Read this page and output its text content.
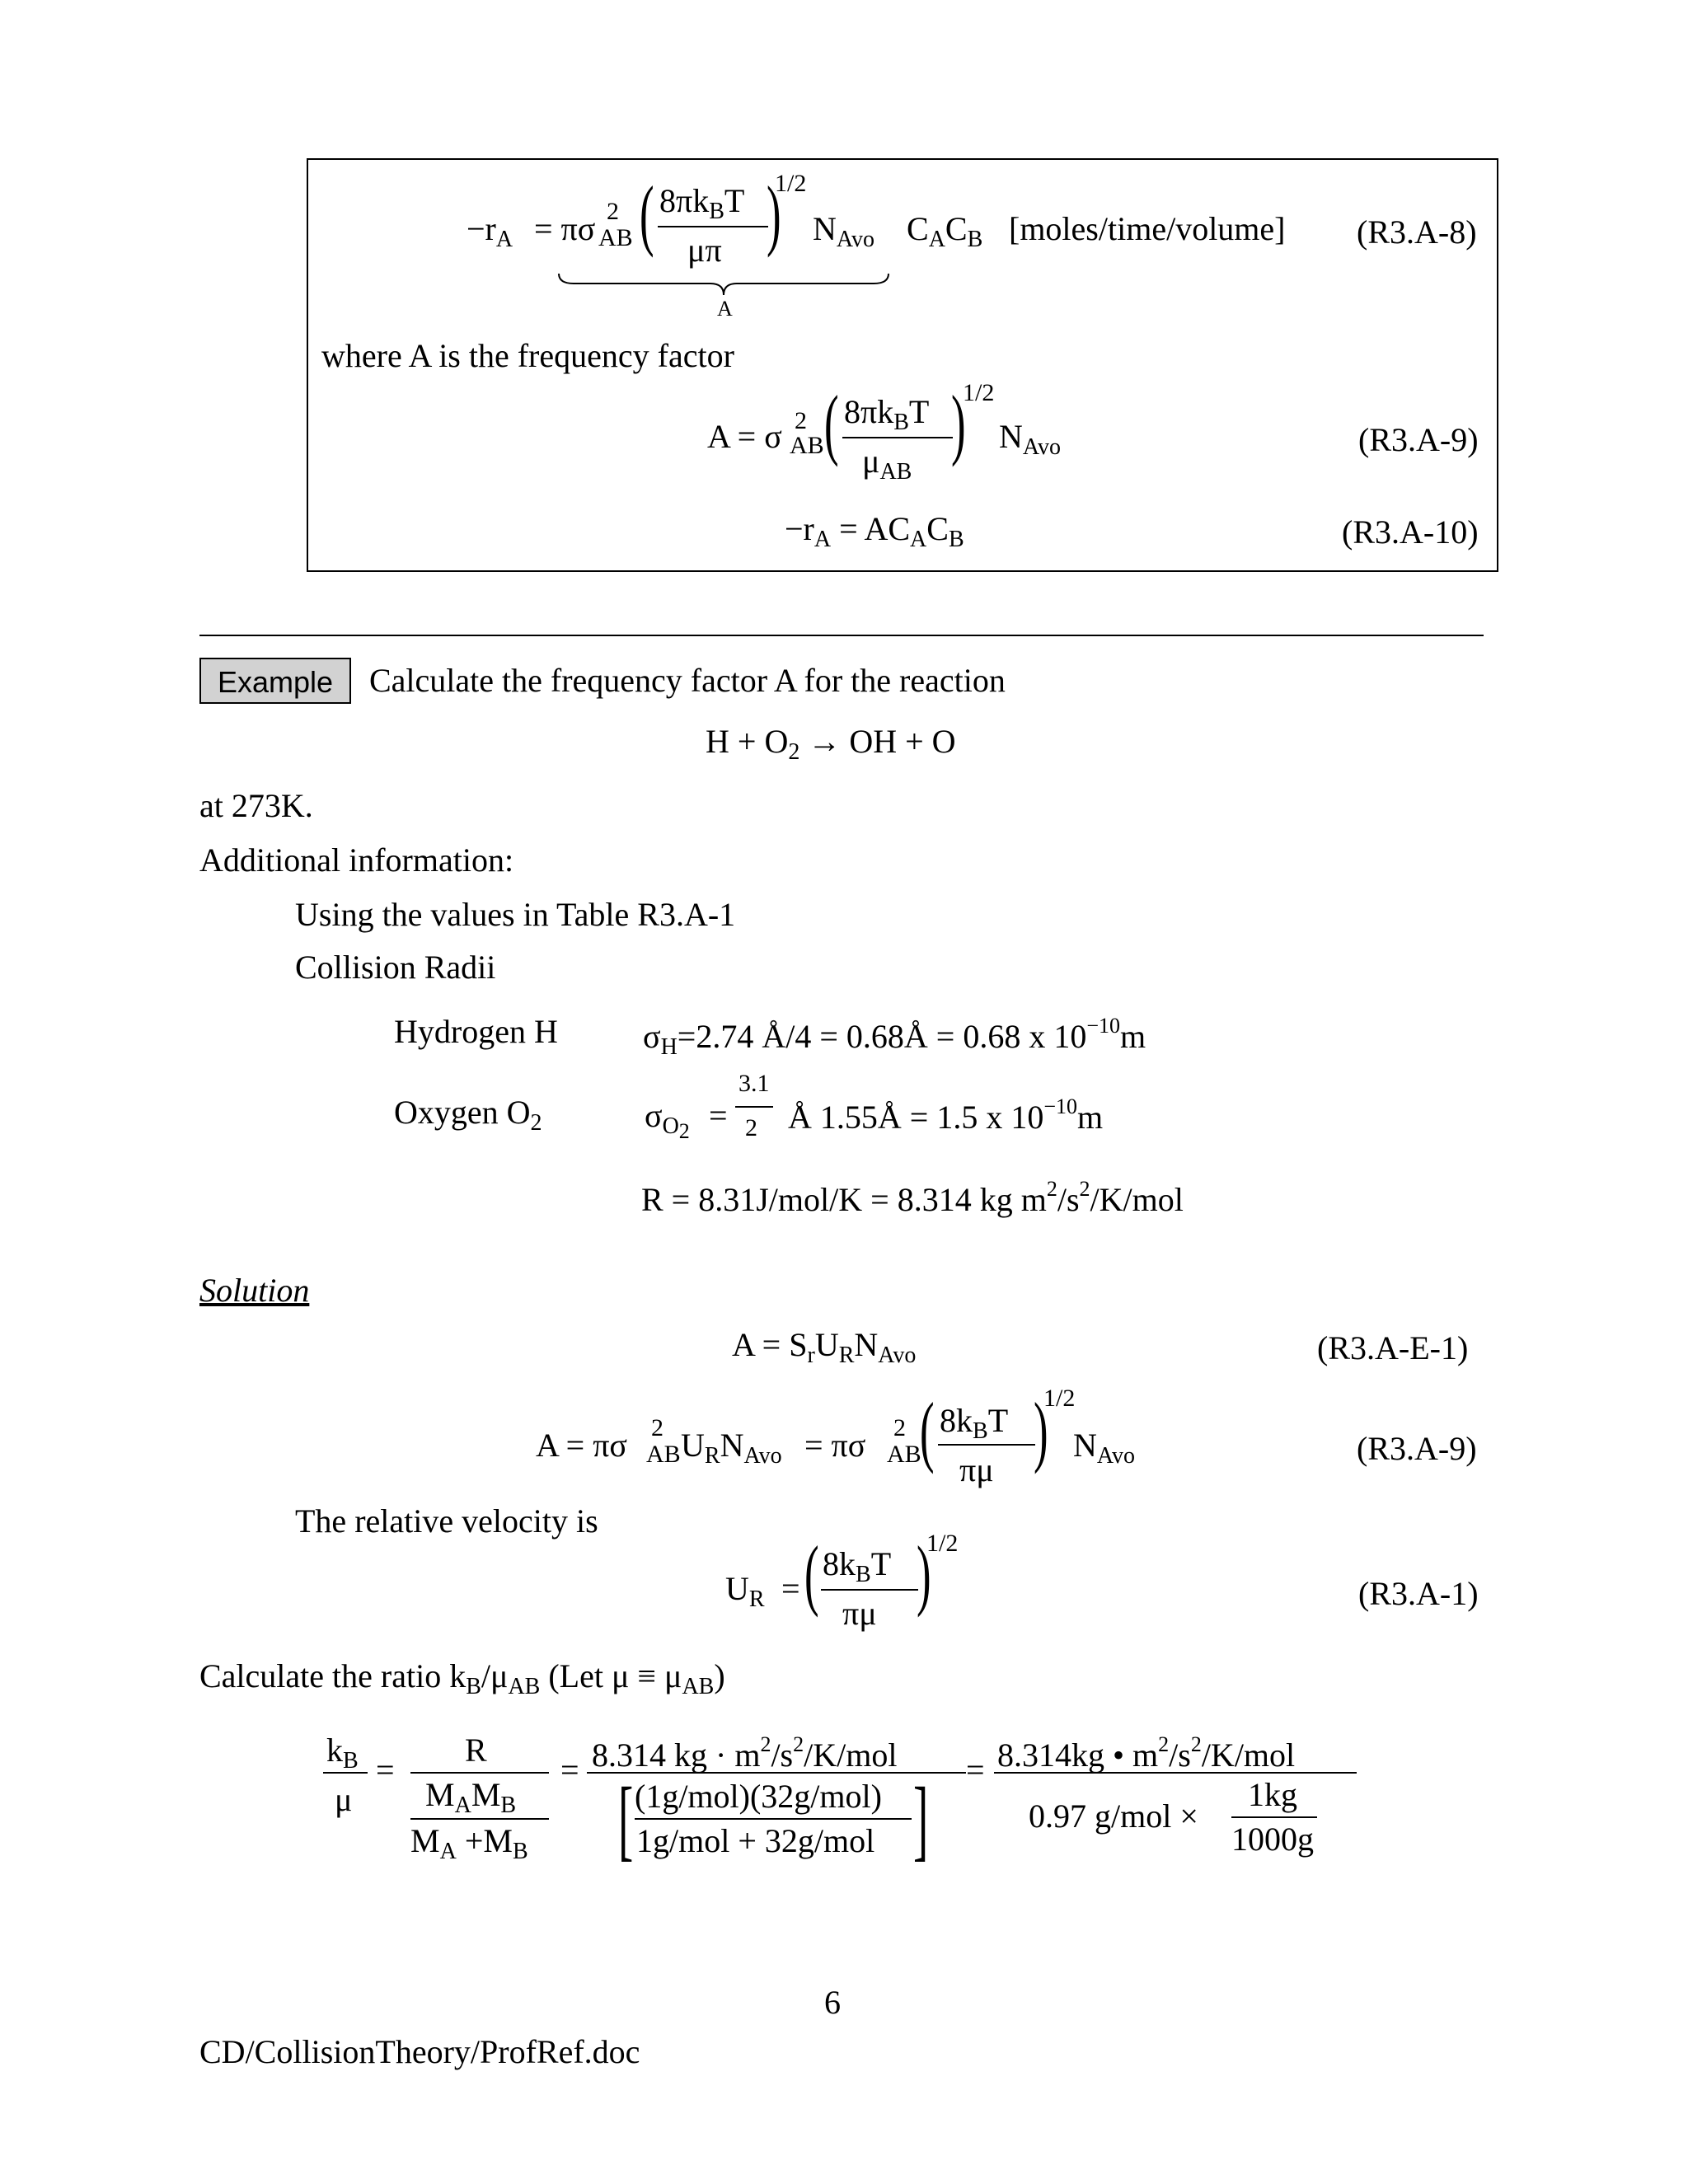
$-r_A = \pi\sigma$ 2
AB ( $8\pi k_BT$
μπ )
1/2
$N_{Avo}$ $C_AC_B$ [moles/time/volume] (R3.A-8)
A
where A is the frequency factor
A = σ 2
AB ( $8\pi k_BT$
$\mu_{AB}$
)
1/2
$N_{Avo}$	(R3.A-9)
$-r_A = AC_AC_B$	(R3.A-10)
Example	Calculate the frequency factor A for the reaction
$H + O_2$ → OH + O
at 273K.
Additional information:
Using the values in Table R3.A-1
Collision Radii
Hydrogen H	$\sigma_H=2.74$ Å/4 = 0.68Å = 0.68 x $10^{-10}m$
Oxygen $O_2$	$\sigma_{O2}$ =
3.1
2 Å 1.55Å = 1.5 x $10^{-10}m$
R = 8.31J/mol/K = 8.314 kg $m^2/s^2/K$/mol
Solution
$A = S_rU_RN_{Avo}$	(R3.A-E-1)
A = πσ 2
AB $U_RN_{Avo} = \pi\sigma$ 2
AB
( $8k_BT$
πμ )
1/2
$N_{Avo}$	(R3.A-9)
The relative velocity is
$U_R$ = ( $8k_BT$
πμ )
1/2
(R3.A-1)
Calculate the ratio $k_B/\mu_{AB}$ (Let $\mu \equiv \mu_{AB}$)
$k_B$
μ
=
R
$M_AM_B$
$M_A +M_B$
= 8.314 kg · $m^2/s^2/K$/mol
[ (1g/mol)(32g/mol)
1g/mol + 32g/mol ] = 8.314kg • $m^2/s^2/K$/mol
0.97 g/mol ×
1kg
1000g
6
CD/CollisionTheory/ProfRef.doc
